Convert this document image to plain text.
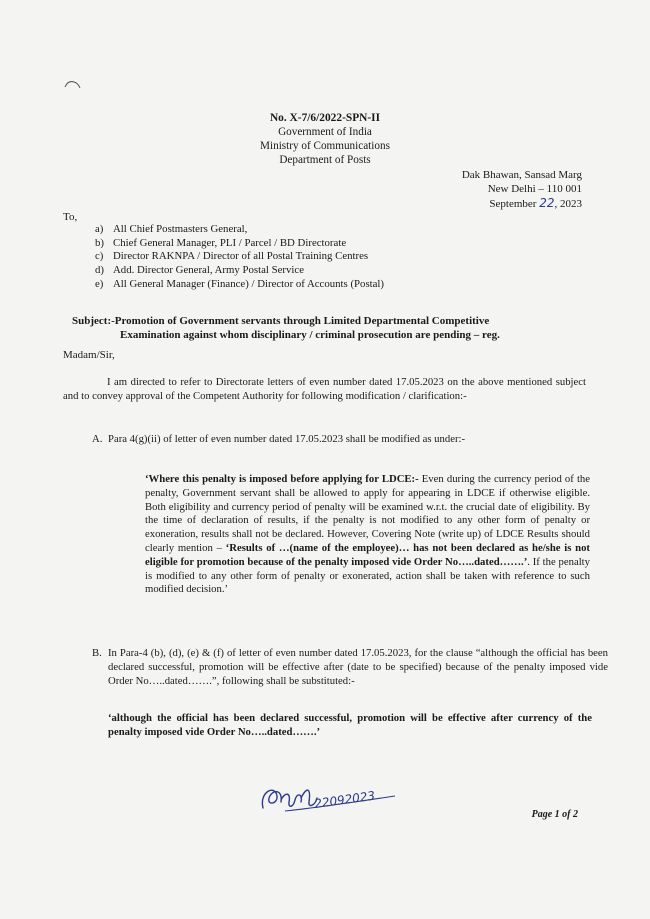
No. X-7/6/2022-SPN-II
Government of India
Ministry of Communications
Department of Posts
Dak Bhawan, Sansad Marg
New Delhi – 110 001
September 22, 2023
To,
a) All Chief Postmasters General,
b) Chief General Manager, PLI / Parcel / BD Directorate
c) Director RAKNPA / Director of all Postal Training Centres
d) Add. Director General, Army Postal Service
e) All General Manager (Finance) / Director of Accounts (Postal)
Subject:-Promotion of Government servants through Limited Departmental Competitive
Examination against whom disciplinary / criminal prosecution are pending – reg.
Madam/Sir,
I am directed to refer to Directorate letters of even number dated 17.05.2023 on the above mentioned subject and to convey approval of the Competent Authority for following modification / clarification:-
A. Para 4(g)(ii) of letter of even number dated 17.05.2023 shall be modified as under:-
‘Where this penalty is imposed before applying for LDCE:- Even during the currency period of the penalty, Government servant shall be allowed to apply for appearing in LDCE if otherwise eligible. Both eligibility and currency period of penalty will be examined w.r.t. the crucial date of eligibility. By the time of declaration of results, if the penalty is not modified to any other form of penalty or exoneration, results shall not be declared. However, Covering Note (write up) of LDCE Results should clearly mention – ‘Results of …(name of the employee)… has not been declared as he/she is not eligible for promotion because of the penalty imposed vide Order No…..dated…….’. If the penalty is modified to any other form of penalty or exonerated, action shall be taken with reference to such modified decision.’
B. In Para-4 (b), (d), (e) & (f) of letter of even number dated 17.05.2023, for the clause “although the official has been declared successful, promotion will be effective after (date to be specified) because of the penalty imposed vide Order No…..dated…….”, following shall be substituted:-
‘although the official has been declared successful, promotion will be effective after currency of the penalty imposed vide Order No…..dated…….’
22092023
Page 1 of 2
